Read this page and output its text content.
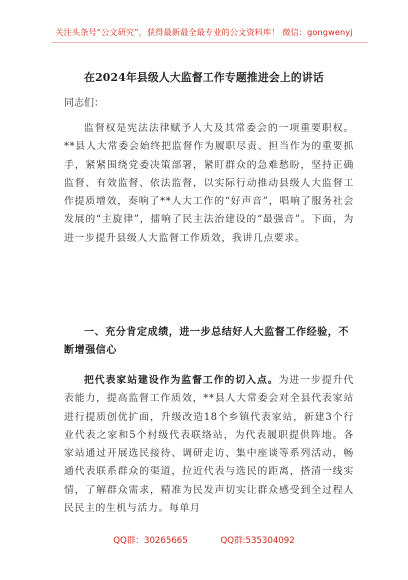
关注头条号“公文研究”，获得最新最全最专业的公文资料库！ 微信：gongwenyj
在2024年县级人大监督工作专题推进会上的讲话
同志们：
监督权是宪法法律赋予人大及其常委会的一项重要职权。**县人大常委会始终把监督作为履职尽责、担当作为的重要抓手，紧紧围绕党委决策部署，紧盯群众的急难愁盼，坚持正确监督、有效监督、依法监督，以实际行动推动县级人大监督工作提质增效，奏响了**人大工作的“好声音”，唱响了服务社会发展的“主旋律”，擂响了民主法治建设的“最强音”。下面，为进一步提升县级人大监督工作质效，我讲几点要求。
一、充分肯定成绩，进一步总结好人大监督工作经验，不断增强信心
把代表家站建设作为监督工作的切入点。为进一步提升代表能力，提高监督工作质效，**县人大常委会对全县代表家站进行提质创优扩面，升级改造18个乡镇代表家站，新建3个行业代表之家和5个村级代表联络站，为代表履职提供阵地。各家站通过开展选民接待、调研走访、集中座谈等系列活动，畅通代表联系群众的渠道，拉近代表与选民的距离，搭清一线实情，了解群众需求，精准为民发声切实让群众感受到全过程人民民主的生机与活力。每单月
QQ群：30265665	QQ群:535304092
